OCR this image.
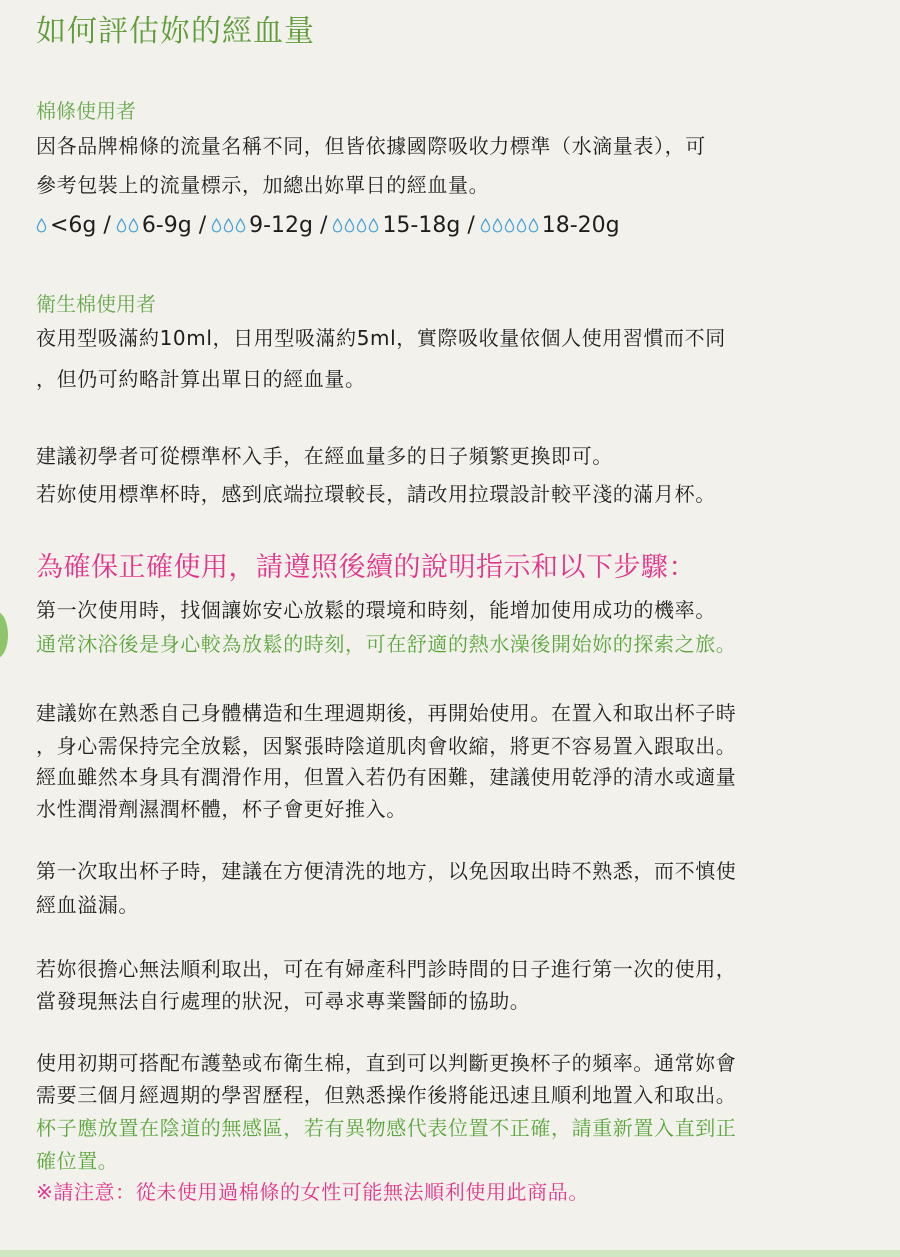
如何評估妳的經血量
棉條使用者
因各品牌棉條的流量名稱不同，但皆依據國際吸收力標準（水滴量表），可
參考包裝上的流量標示，加總出妳單日的經血量。
<6g / 6-9g / 9-12g /	15-18g /	18-20g
衛生棉使用者
夜用型吸滿約10ml，日用型吸滿約5ml，實際吸收量依個人使用習慣而不同
，但仍可約略計算出單日的經血量。
建議初學者可從標準杯入手，在經血量多的日子頻繁更換即可。
若妳使用標準杯時，感到底端拉環較長，請改用拉環設計較平淺的滿月杯。
為確保正確使用，請遵照後續的說明指示和以下步驟：
第一次使用時，找個讓妳安心放鬆的環境和時刻，能增加使用成功的機率。
通常沐浴後是身心較為放鬆的時刻，可在舒適的熱水澡後開始妳的探索之旅。
建議妳在熟悉自己身體構造和生理週期後，再開始使用。在置入和取出杯子時
，身心需保持完全放鬆，因緊張時陰道肌肉會收縮，將更不容易置入跟取出。
經血雖然本身具有潤滑作用，但置入若仍有困難，建議使用乾淨的清水或適量
水性潤滑劑濕潤杯體，杯子會更好推入。
第一次取出杯子時，建議在方便清洗的地方，以免因取出時不熟悉，而不慎使
經血溢漏。
若妳很擔心無法順利取出，可在有婦產科門診時間的日子進行第一次的使用，
當發現無法自行處理的狀況，可尋求專業醫師的協助。
使用初期可搭配布護墊或布衛生棉，直到可以判斷更換杯子的頻率。通常妳會
需要三個月經週期的學習歷程，但熟悉操作後將能迅速且順利地置入和取出。
杯子應放置在陰道的無感區，若有異物感代表位置不正確，請重新置入直到正
確位置。
※請注意：從未使用過棉條的女性可能無法順利使用此商品。
